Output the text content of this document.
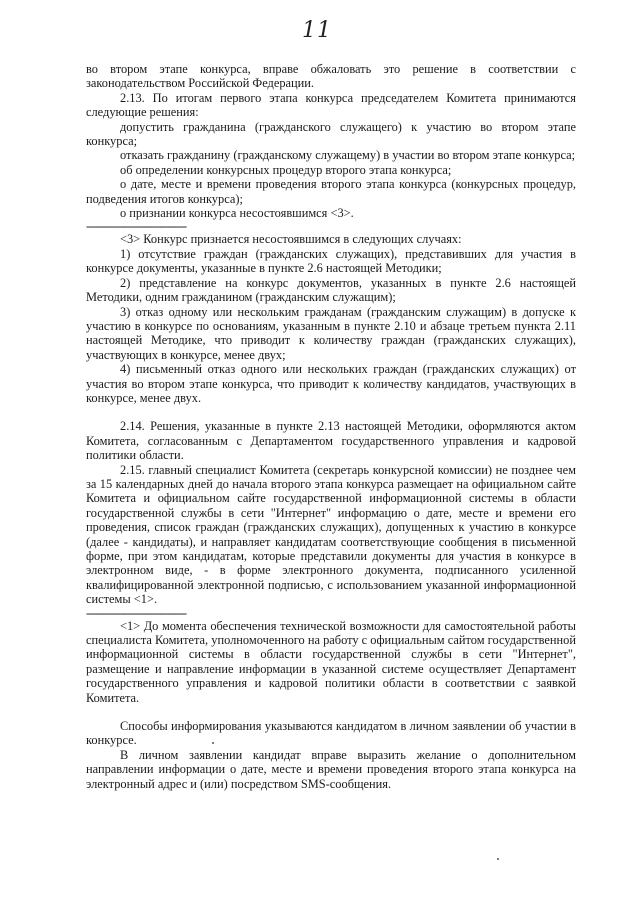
11

во втором этапе конкурса, вправе обжаловать это решение в соответствии с законодательством Российской Федерации.

2.13. По итогам первого этапа конкурса председателем Комитета принимаются следующие решения:

допустить гражданина (гражданского служащего) к участию во втором этапе конкурса;

отказать гражданину (гражданскому служащему) в участии во втором этапе конкурса;

об определении конкурсных процедур второго этапа конкурса;

о дате, месте и времени проведения второго этапа конкурса (конкурсных процедур, подведения итогов конкурса);

о признании конкурса несостоявшимся <3>.

--------------------------------

<3> Конкурс признается несостоявшимся в следующих случаях:

1) отсутствие граждан (гражданских служащих), представивших для участия в конкурсе документы, указанные в пункте 2.6 настоящей Методики;

2) представление на конкурс документов, указанных в пункте 2.6 настоящей Методики, одним гражданином (гражданским служащим);

3) отказ одному или нескольким гражданам (гражданским служащим) в допуске к участию в конкурсе по основаниям, указанным в пункте 2.10 и абзаце третьем пункта 2.11 настоящей Методике, что приводит к количеству граждан (гражданских служащих), участвующих в конкурсе, менее двух;

4) письменный отказ одного или нескольких граждан (гражданских служащих) от участия во втором этапе конкурса, что приводит к количеству кандидатов, участвующих в конкурсе, менее двух.

2.14. Решения, указанные в пункте 2.13 настоящей Методики, оформляются актом Комитета, согласованным с Департаментом государственного управления и кадровой политики области.

2.15. главный специалист Комитета (секретарь конкурсной комиссии) не позднее чем за 15 календарных дней до начала второго этапа конкурса размещает на официальном сайте Комитета и официальном сайте государственной информационной системы в области государственной службы в сети "Интернет" информацию о дате, месте и времени его проведения, список граждан (гражданских служащих), допущенных к участию в конкурсе (далее - кандидаты), и направляет кандидатам соответствующие сообщения в письменной форме, при этом кандидатам, которые представили документы для участия в конкурсе в электронном виде, - в форме электронного документа, подписанного усиленной квалифицированной электронной подписью, с использованием указанной информационной системы <1>.

--------------------------------

<1> До момента обеспечения технической возможности для самостоятельной работы специалиста Комитета, уполномоченного на работу с официальным сайтом государственной информационной системы в области государственной службы в сети "Интернет", размещение и направление информации в указанной системе осуществляет Департамент государственного управления и кадровой политики области в соответствии с заявкой Комитета.

Способы информирования указываются кандидатом в личном заявлении об участии в конкурсе.

В личном заявлении кандидат вправе выразить желание о дополнительном направлении информации о дате, месте и времени проведения второго этапа конкурса на электронный адрес и (или) посредством SMS-сообщения.
